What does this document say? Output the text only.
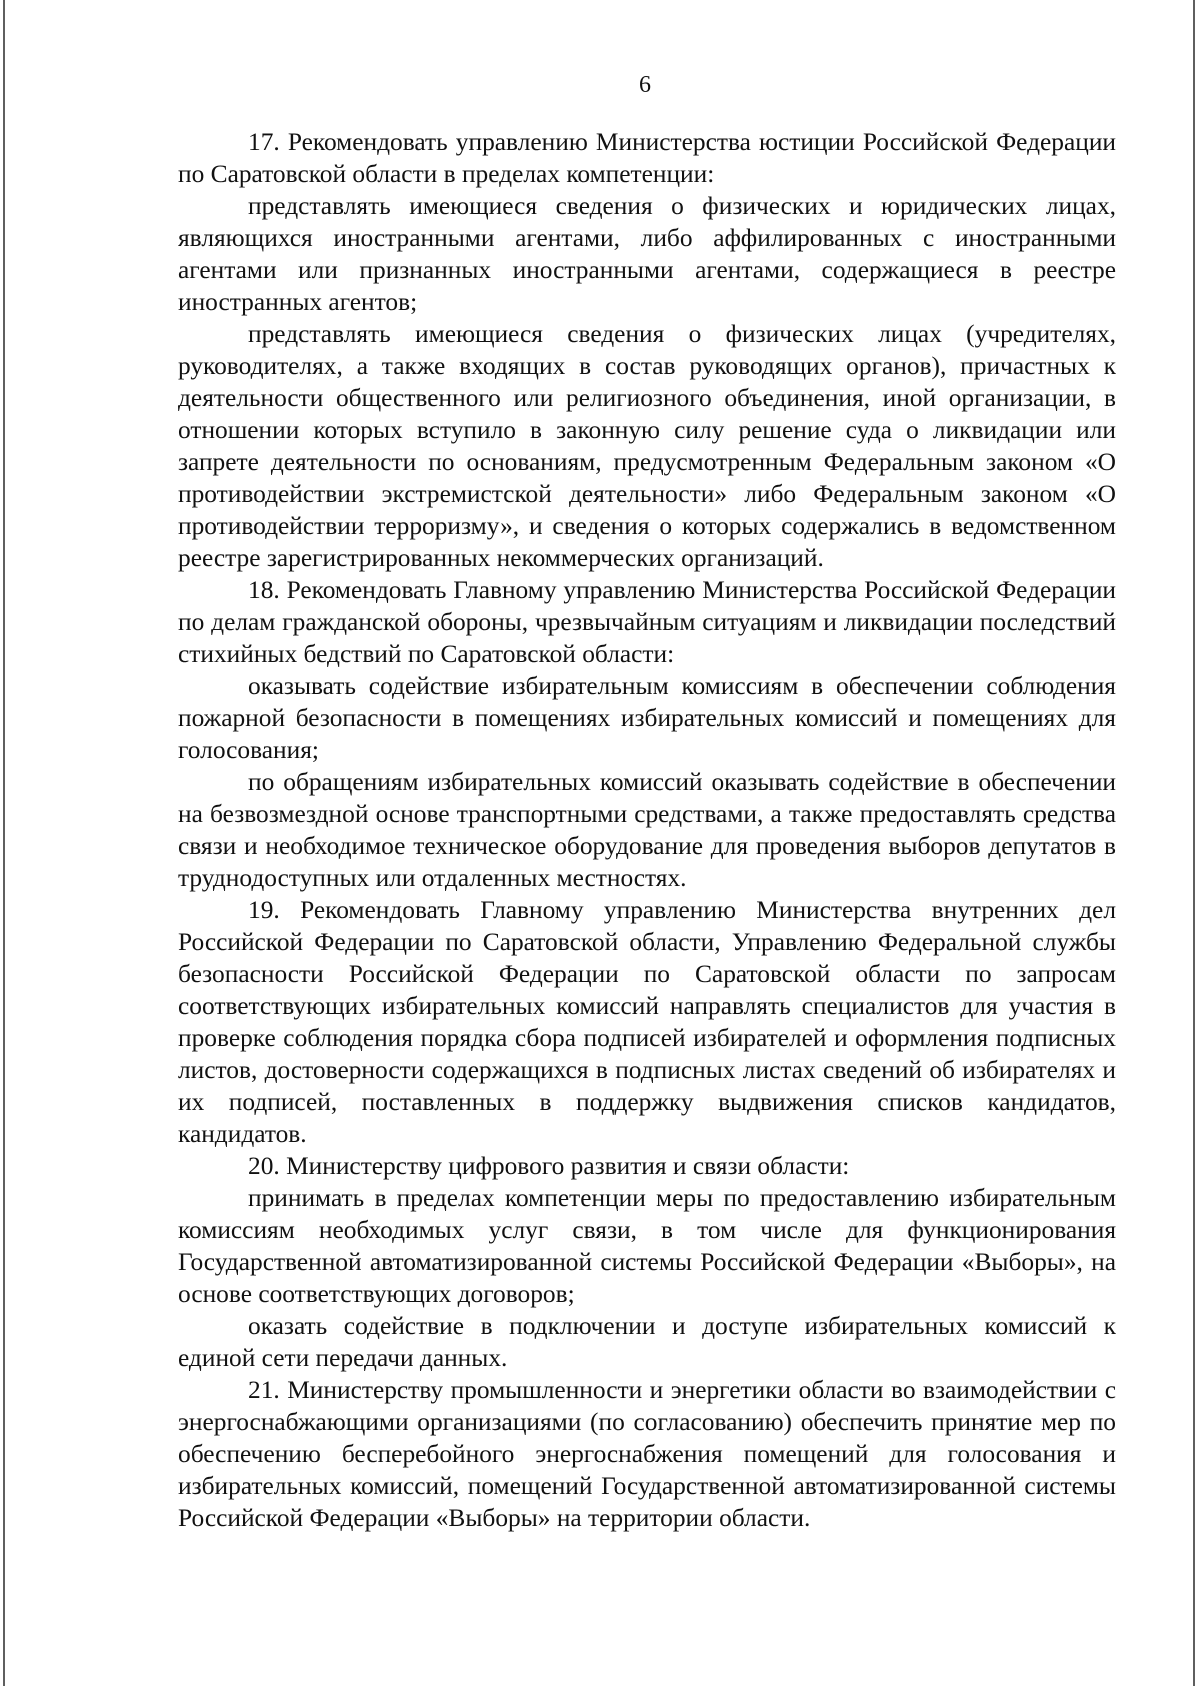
6

17. Рекомендовать управлению Министерства юстиции Российской Федерации по Саратовской области в пределах компетенции:

представлять имеющиеся сведения о физических и юридических лицах, являющихся иностранными агентами, либо аффилированных с иностранными агентами или признанных иностранными агентами, содержащиеся в реестре иностранных агентов;

представлять имеющиеся сведения о физических лицах (учредителях, руководителях, а также входящих в состав руководящих органов), причастных к деятельности общественного или религиозного объединения, иной организации, в отношении которых вступило в законную силу решение суда о ликвидации или запрете деятельности по основаниям, предусмотренным Федеральным законом «О противодействии экстремистской деятельности» либо Федеральным законом «О противодействии терроризму», и сведения о которых содержались в ведомственном реестре зарегистрированных некоммерческих организаций.

18. Рекомендовать Главному управлению Министерства Российской Федерации по делам гражданской обороны, чрезвычайным ситуациям и ликвидации последствий стихийных бедствий по Саратовской области:

оказывать содействие избирательным комиссиям в обеспечении соблюдения пожарной безопасности в помещениях избирательных комиссий и помещениях для голосования;

по обращениям избирательных комиссий оказывать содействие в обеспечении на безвозмездной основе транспортными средствами, а также предоставлять средства связи и необходимое техническое оборудование для проведения выборов депутатов в труднодоступных или отдаленных местностях.

19. Рекомендовать Главному управлению Министерства внутренних дел Российской Федерации по Саратовской области, Управлению Федеральной службы безопасности Российской Федерации по Саратовской области по запросам соответствующих избирательных комиссий направлять специалистов для участия в проверке соблюдения порядка сбора подписей избирателей и оформления подписных листов, достоверности содержащихся в подписных листах сведений об избирателях и их подписей, поставленных в поддержку выдвижения списков кандидатов, кандидатов.

20. Министерству цифрового развития и связи области:

принимать в пределах компетенции меры по предоставлению избирательным комиссиям необходимых услуг связи, в том числе для функционирования Государственной автоматизированной системы Российской Федерации «Выборы», на основе соответствующих договоров;

оказать содействие в подключении и доступе избирательных комиссий к единой сети передачи данных.

21. Министерству промышленности и энергетики области во взаимодействии с энергоснабжающими организациями (по согласованию) обеспечить принятие мер по обеспечению бесперебойного энергоснабжения помещений для голосования и избирательных комиссий, помещений Государственной автоматизированной системы Российской Федерации «Выборы» на территории области.
